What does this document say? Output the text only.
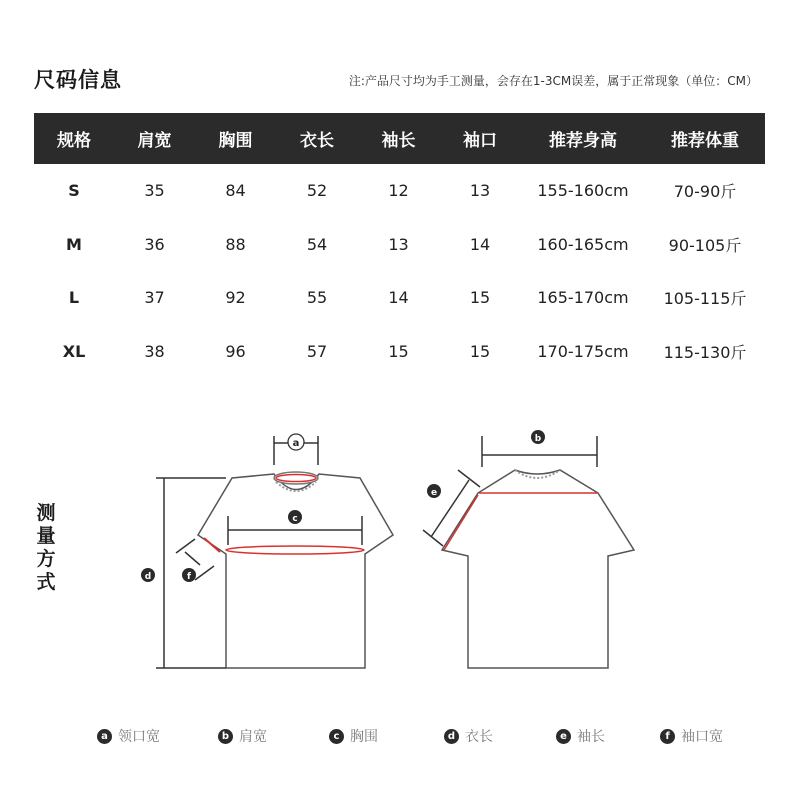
尺码信息	注:产品尺寸均为手工测量，会存在1-3CM误差，属于正常现象（单位：CM）
规格	肩宽	胸围	衣长	袖长	袖口	推荐身高	推荐体重
S	35	84	52	12	13	155-160cm	70-90斤
M	36	88	54	13	14	160-165cm	90-105斤
L	37	92	55	14	15	165-170cm	105-115斤
XL	38	96	57	15	15	170-175cm	115-130斤
测
量
方
式
a
c
d	f
b
e
a 领口宽	b 肩宽	c 胸围	d 衣长	e 袖长	f 袖口宽
